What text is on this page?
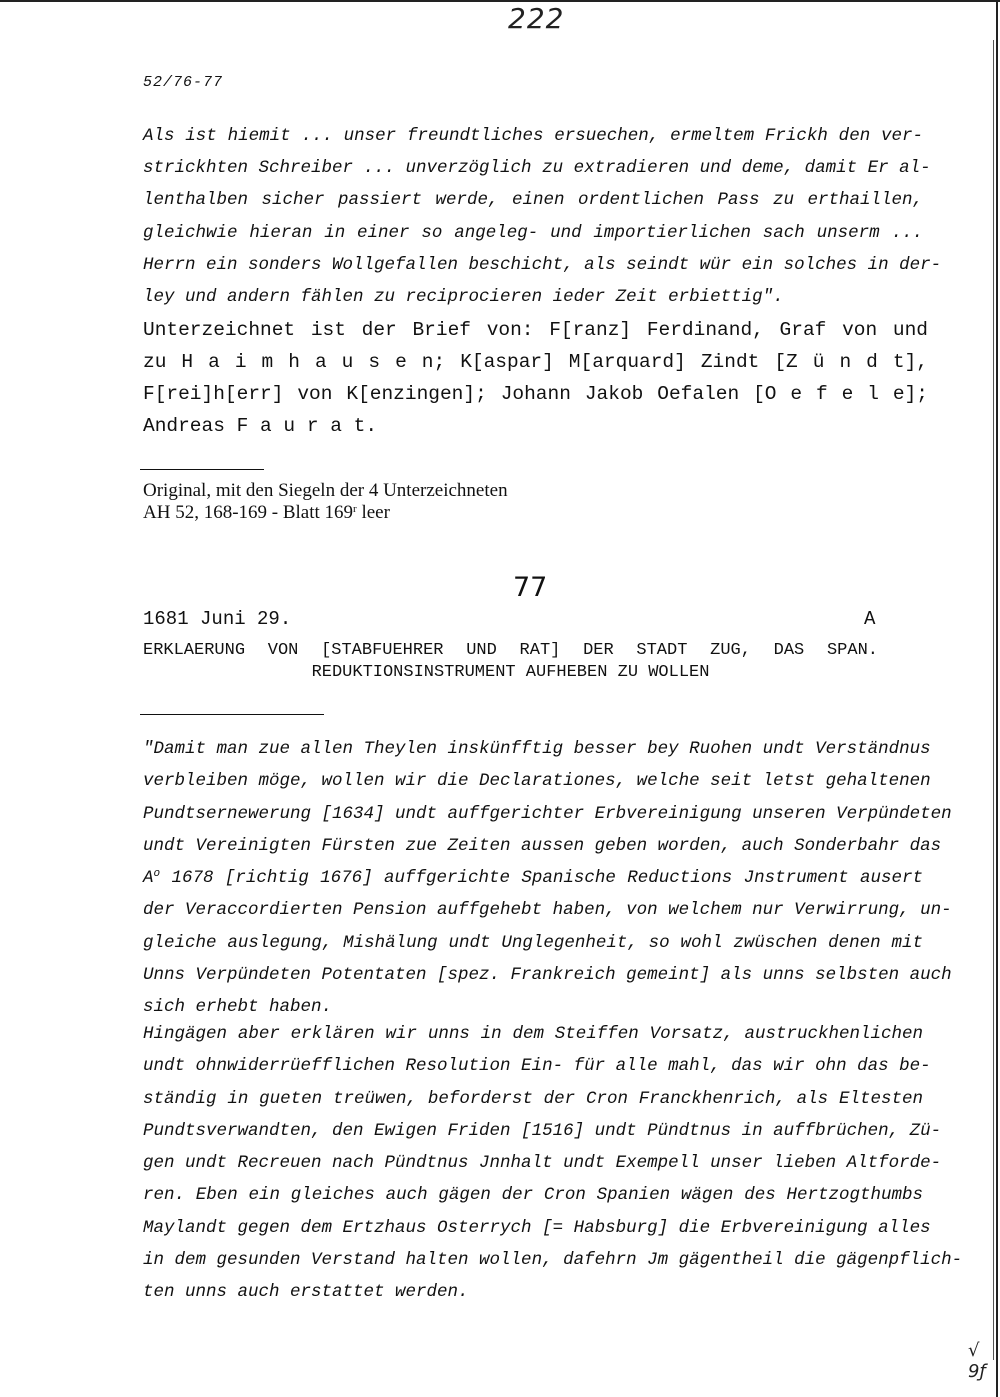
222
52/76-77

Als ist hiemit ... unser freundtliches ersuechen, ermeltem Frickh den ver-
strickhten Schreiber ... unverzöglich zu extradieren und deme, damit Er al-
lenthalben sicher passiert werde, einen ordentlichen Pass zu erthaillen,
gleichwie hieran in einer so angeleg- und importierlichen sach unserm ...
Herrn ein sonders Wollgefallen beschicht, als seindt wür ein solches in der-
ley und andern fählen zu reciprocieren ieder Zeit erbiettig".

Unterzeichnet ist der Brief von: F[ranz] Ferdinand, Graf von und
zu H a i m h a u s e n; K[aspar] M[arquard] Zindt [Z ü n d t],
F[rei]h[err] von K[enzingen]; Johann Jakob Oefalen [O e f e l e];
Andreas F a u r a t.

Original, mit den Siegeln der 4 Unterzeichneten
AH 52, 168-169 - Blatt 169$^r$ leer
77
1681 Juni 29.	A
ERKLAERUNG VON [STABFUEHRER UND RAT] DER STADT ZUG, DAS SPAN.
REDUKTIONSINSTRUMENT AUFHEBEN ZU WOLLEN

"Damit man zue allen Theylen inskünfftig besser bey Ruohen undt Verständnus
verbleiben möge, wollen wir die Declarationes, welche seit letst gehaltenen
Pundtsernewerung [1634] undt auffgerichter Erbvereinigung unseren Verpündeten
undt Vereinigten Fürsten zue Zeiten aussen geben worden, auch Sonderbahr das
$A^o$ 1678 [richtig 1676] auffgerichte Spanische Reductions Jnstrument ausert
der Veraccordierten Pension auffgehebt haben, von welchem nur Verwirrung, un-
gleiche auslegung, Mishälung undt Unglegenheit, so wohl zwüschen denen mit
Unns Verpündeten Potentaten [spez. Frankreich gemeint] als unns selbsten auch
sich erhebt haben.

Hingägen aber erklären wir unns in dem Steiffen Vorsatz, austruckhenlichen
undt ohnwiderrüefflichen Resolution Ein- für alle mahl, das wir ohn das be-
ständig in gueten treüwen, beforderst der Cron Franckhenrich, als Eltesten
Pundtsverwandten, den Ewigen Friden [1516] undt Pündtnus in auffbrüchen, Zü-
gen undt Recreuen nach Pündtnus Jnnhalt undt Exempell unser lieben Altforde-
ren. Eben ein gleiches auch gägen der Cron Spanien wägen des Hertzogthumbs
Maylandt gegen dem Ertzhaus Osterrych [= Habsburg] die Erbvereinigung alles
in dem gesunden Verstand halten wollen, dafehrn Jm gägentheil die gägenpflich-
ten unns auch erstattet werden.

√ 9ƒ
